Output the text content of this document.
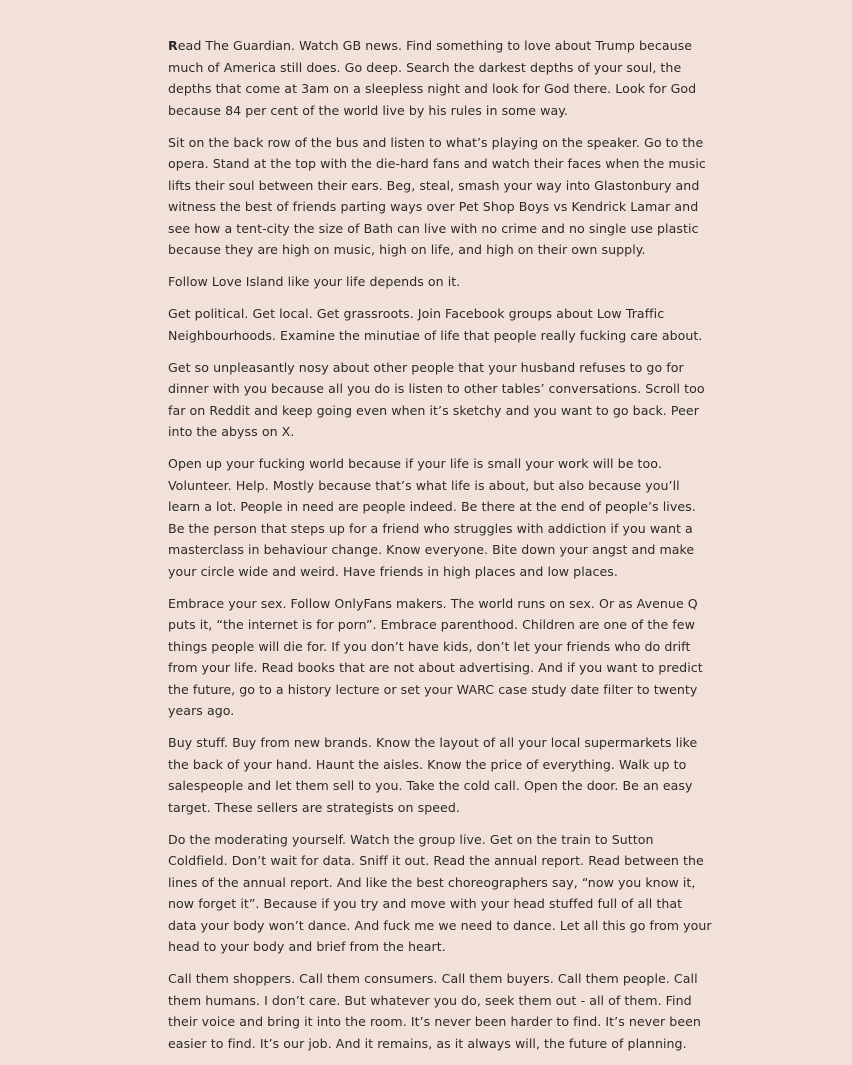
Read The Guardian. Watch GB news. Find something to love about Trump because much of America still does. Go deep. Search the darkest depths of your soul, the depths that come at 3am on a sleepless night and look for God there. Look for God because 84 per cent of the world live by his rules in some way.

Sit on the back row of the bus and listen to what’s playing on the speaker. Go to the opera. Stand at the top with the die-hard fans and watch their faces when the music lifts their soul between their ears. Beg, steal, smash your way into Glastonbury and witness the best of friends parting ways over Pet Shop Boys vs Kendrick Lamar and see how a tent-city the size of Bath can live with no crime and no single use plastic because they are high on music, high on life, and high on their own supply.

Follow Love Island like your life depends on it.

Get political. Get local. Get grassroots. Join Facebook groups about Low Traffic Neighbourhoods. Examine the minutiae of life that people really fucking care about.

Get so unpleasantly nosy about other people that your husband refuses to go for dinner with you because all you do is listen to other tables’ conversations. Scroll too far on Reddit and keep going even when it’s sketchy and you want to go back. Peer into the abyss on X.

Open up your fucking world because if your life is small your work will be too. Volunteer. Help. Mostly because that’s what life is about, but also because you’ll learn a lot. People in need are people indeed. Be there at the end of people’s lives. Be the person that steps up for a friend who struggles with addiction if you want a masterclass in behaviour change. Know everyone. Bite down your angst and make your circle wide and weird. Have friends in high places and low places.

Embrace your sex. Follow OnlyFans makers. The world runs on sex. Or as Avenue Q puts it, “the internet is for porn”. Embrace parenthood. Children are one of the few things people will die for. If you don’t have kids, don’t let your friends who do drift from your life. Read books that are not about advertising. And if you want to predict the future, go to a history lecture or set your WARC case study date filter to twenty years ago.

Buy stuff. Buy from new brands. Know the layout of all your local supermarkets like the back of your hand. Haunt the aisles. Know the price of everything. Walk up to salespeople and let them sell to you. Take the cold call. Open the door. Be an easy target. These sellers are strategists on speed.

Do the moderating yourself. Watch the group live. Get on the train to Sutton Coldfield. Don’t wait for data. Sniff it out. Read the annual report. Read between the lines of the annual report. And like the best choreographers say, “now you know it, now forget it”. Because if you try and move with your head stuffed full of all that data your body won’t dance. And fuck me we need to dance. Let all this go from your head to your body and brief from the heart.

Call them shoppers. Call them consumers. Call them buyers. Call them people. Call them humans. I don’t care. But whatever you do, seek them out - all of them. Find their voice and bring it into the room. It’s never been harder to find. It’s never been easier to find. It’s our job. And it remains, as it always will, the future of planning.
